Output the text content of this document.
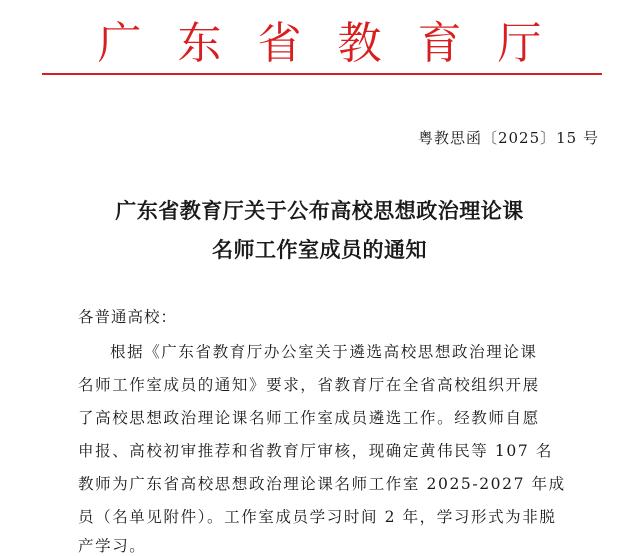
广东省教育厅
粤教思函〔2025〕15 号
广东省教育厅关于公布高校思想政治理论课
名师工作室成员的通知
各普通高校：
根据《广东省教育厅办公室关于遴选高校思想政治理论课
名师工作室成员的通知》要求，省教育厅在全省高校组织开展
了高校思想政治理论课名师工作室成员遴选工作。经教师自愿
申报、高校初审推荐和省教育厅审核，现确定黄伟民等 107 名
教师为广东省高校思想政治理论课名师工作室 2025-2027 年成
员（名单见附件）。工作室成员学习时间 2 年，学习形式为非脱
产学习。
